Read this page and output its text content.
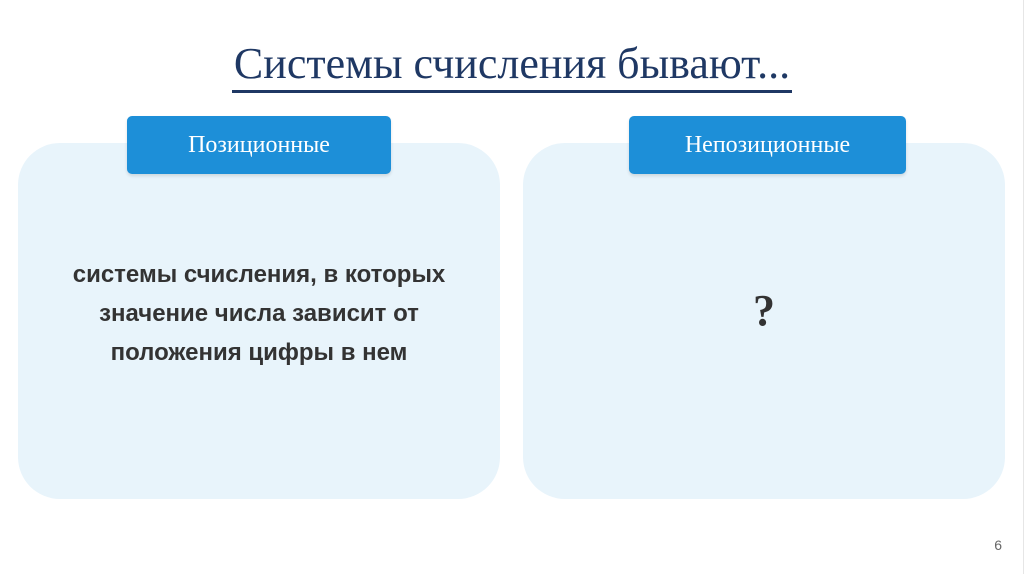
Системы счисления бывают...
Позиционные	Непозиционные
системы счисления, в которых
значение числа зависит от
положения цифры в нем
?
6
